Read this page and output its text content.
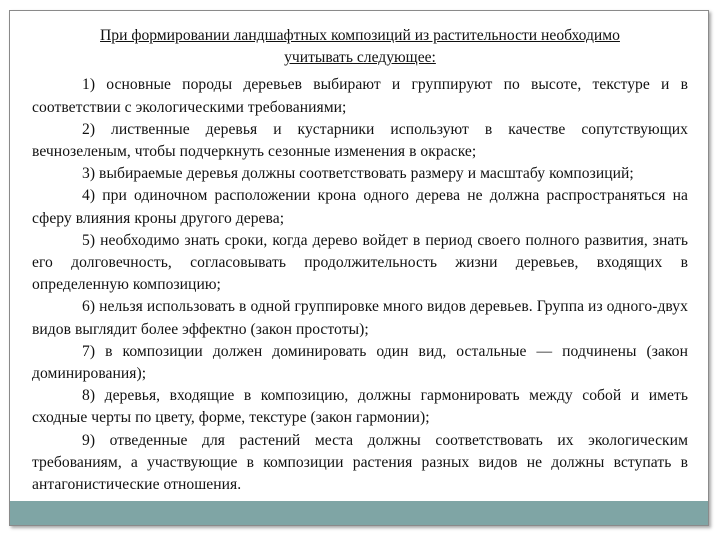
При формировании ландшафтных композиций из растительности необходимо учитывать следующее:

1) основные породы деревьев выбирают и группируют по высоте, текстуре и в соответствии с экологическими требованиями;

2) лиственные деревья и кустарники используют в качестве сопутствующих вечнозеленым, чтобы подчеркнуть сезонные изменения в окраске;

3) выбираемые деревья должны соответствовать размеру и масштабу композиций;

4) при одиночном расположении крона одного дерева не должна распространяться на сферу влияния кроны другого дерева;

5) необходимо знать сроки, когда дерево войдет в период своего полного развития, знать его долговечность, согласовывать продолжительность жизни деревьев, входящих в определенную композицию;

6) нельзя использовать в одной группировке много видов деревьев. Группа из одного-двух видов выглядит более эффектно (закон простоты);

7) в композиции должен доминировать один вид, остальные — подчинены (закон доминирования);

8) деревья, входящие в композицию, должны гармонировать между собой и иметь сходные черты по цвету, форме, текстуре (закон гармонии);

9) отведенные для растений места должны соответствовать их экологическим требованиям, а участвующие в композиции растения разных видов не должны вступать в антагонистические отношения.
